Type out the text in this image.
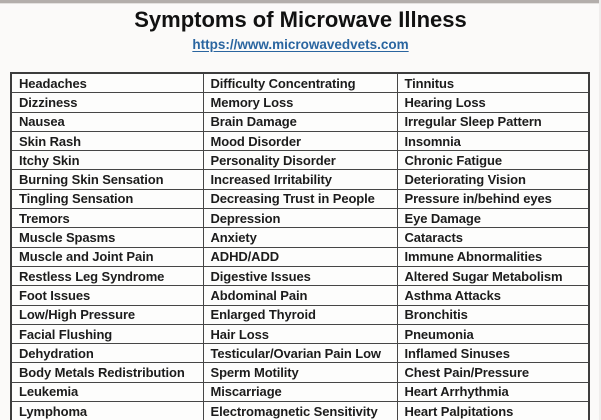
Symptoms of Microwave Illness
https://www.microwavedvets.com
Headaches	Difficulty Concentrating	Tinnitus
Dizziness	Memory Loss	Hearing Loss
Nausea	Brain Damage	Irregular Sleep Pattern
Skin Rash	Mood Disorder	Insomnia
Itchy Skin	Personality Disorder	Chronic Fatigue
Burning Skin Sensation	Increased Irritability	Deteriorating Vision
Tingling Sensation	Decreasing Trust in People	Pressure in/behind eyes
Tremors	Depression	Eye Damage
Muscle Spasms	Anxiety	Cataracts
Muscle and Joint Pain	ADHD/ADD	Immune Abnormalities
Restless Leg Syndrome	Digestive Issues	Altered Sugar Metabolism
Foot Issues	Abdominal Pain	Asthma Attacks
Low/High Pressure	Enlarged Thyroid	Bronchitis
Facial Flushing	Hair Loss	Pneumonia
Dehydration	Testicular/Ovarian Pain Low	Inflamed Sinuses
Body Metals Redistribution	Sperm Motility	Chest Pain/Pressure
Leukemia	Miscarriage	Heart Arrhythmia
Lymphoma	Electromagnetic Sensitivity	Heart Palpitations
